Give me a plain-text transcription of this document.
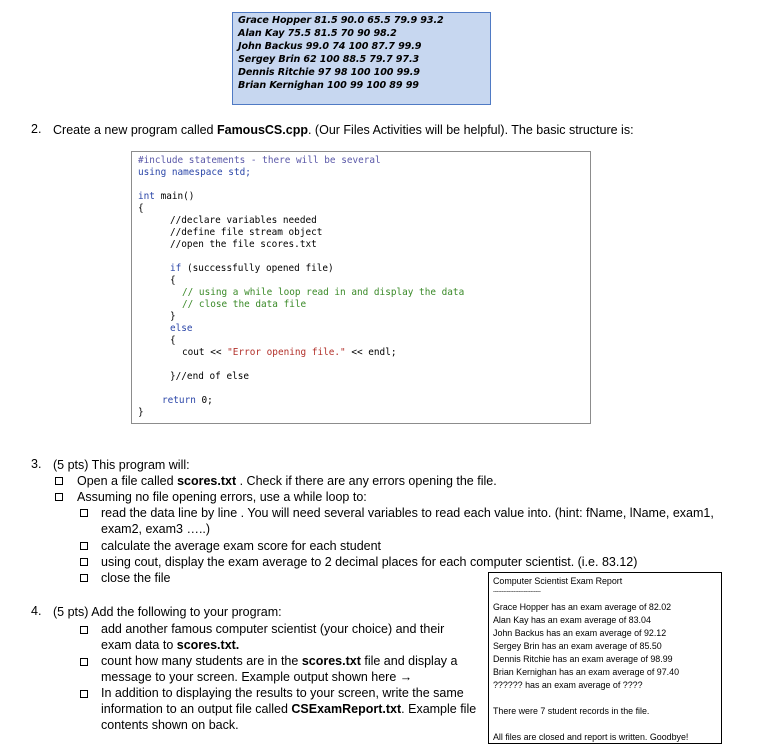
Grace Hopper 81.5 90.0 65.5 79.9 93.2
Alan Kay 75.5 81.5 70 90 98.2
John Backus 99.0 74 100 87.7 99.9
Sergey Brin 62 100 88.5 79.7 97.3
Dennis Ritchie 97 98 100 100 99.9
Brian Kernighan 100 99 100 89 99
2. Create a new program called FamousCS.cpp. (Our Files Activities will be helpful). The basic structure is:
#include statements - there will be several
using namespace std;
int main()
{
//declare variables needed
//define file stream object
//open the file scores.txt
if (successfully opened file)
{
// using a while loop read in and display the data
// close the data file
}
else
{
cout << "Error opening file." << endl;
}//end of else
return 0;
}
3. (5 pts) This program will:
Open a file called scores.txt . Check if there are any errors opening the file.
Assuming no file opening errors, use a while loop to:
read the data line by line . You will need several variables to read each value into. (hint: fName, lName, exam1,
exam2, exam3 …..)
calculate the average exam score for each student
using cout, display the exam average to 2 decimal places for each computer scientist. (i.e. 83.12)
close the file
4. (5 pts) Add the following to your program:
add another famous computer scientist (your choice) and their
exam data to scores.txt.
count how many students are in the scores.txt file and display a
message to your screen. Example output shown here →
In addition to displaying the results to your screen, write the same
information to an output file called CSExamReport.txt. Example file
contents shown on back.
Computer Scientist Exam Report
----------------------------
Grace Hopper has an exam average of 82.02
Alan Kay has an exam average of 83.04
John Backus has an exam average of 92.12
Sergey Brin has an exam average of 85.50
Dennis Ritchie has an exam average of 98.99
Brian Kernighan has an exam average of 97.40
?????? has an exam average of ????
There were 7 student records in the file.
All files are closed and report is written. Goodbye!
